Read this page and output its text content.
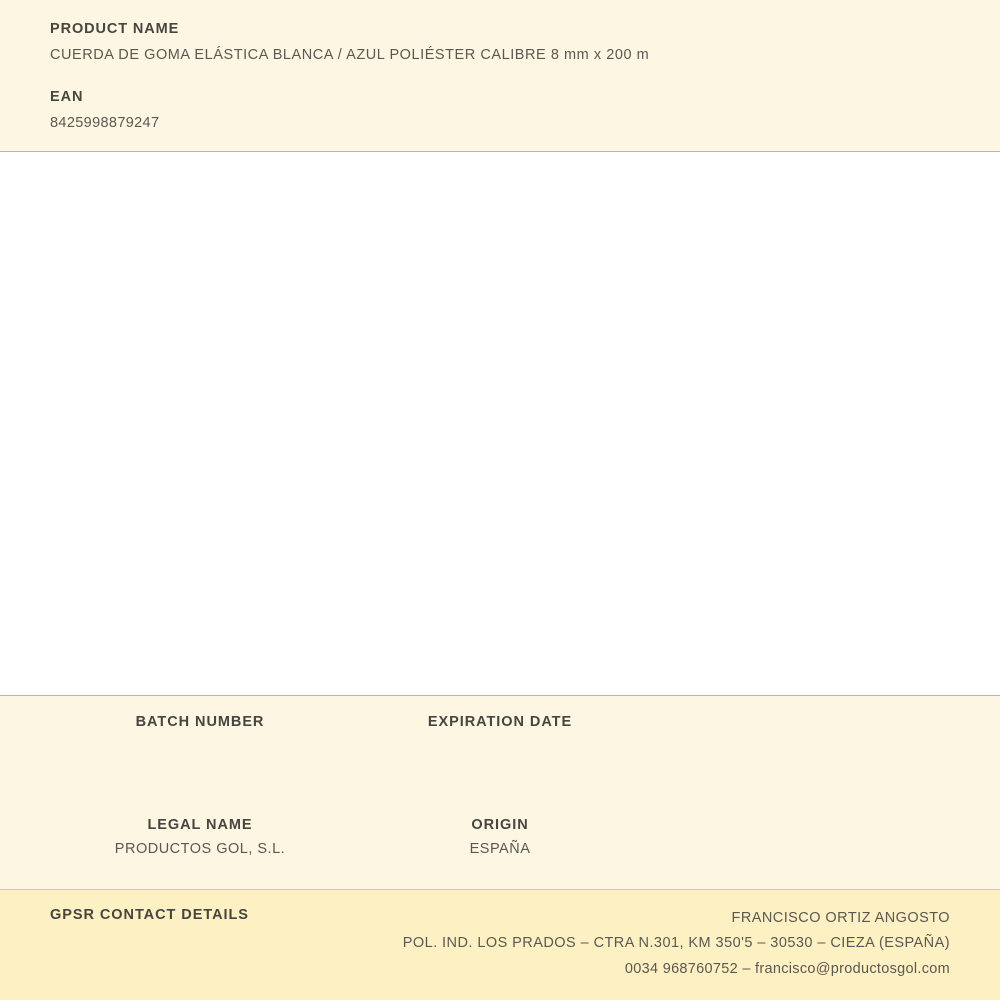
PRODUCT NAME

CUERDA DE GOMA ELÁSTICA BLANCA / AZUL POLIÉSTER CALIBRE 8 mm x 200 m

EAN

8425998879247

BATCH NUMBER	EXPIRATION DATE

LEGAL NAME

PRODUCTOS GOL, S.L.

ORIGIN

ESPAÑA

GPSR CONTACT DETAILS	FRANCISCO ORTIZ ANGOSTO
POL. IND. LOS PRADOS – CTRA N.301, KM 350'5 – 30530 – CIEZA (ESPAÑA)
0034 968760752 – francisco@productosgol.com
